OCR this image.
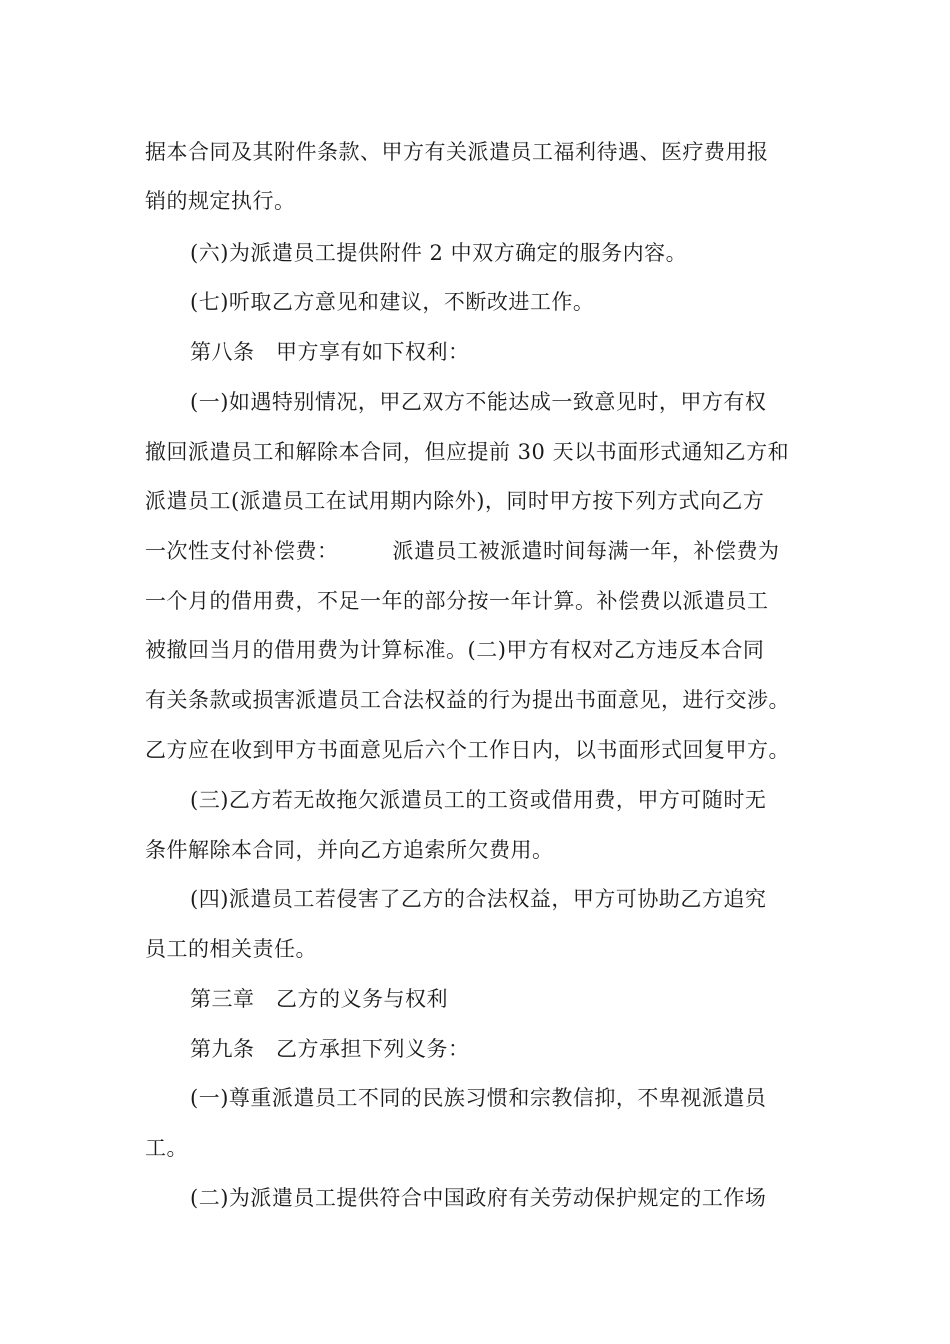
据本合同及其附件条款、甲方有关派遣员工福利待遇、医疗费用报
销的规定执行。
(六)为派遣员工提供附件 2 中双方确定的服务内容。
(七)听取乙方意见和建议，不断改进工作。
第八条　甲方享有如下权利：
(一)如遇特别情况，甲乙双方不能达成一致意见时，甲方有权
撤回派遣员工和解除本合同，但应提前 30 天以书面形式通知乙方和
派遣员工(派遣员工在试用期内除外)，同时甲方按下列方式向乙方
一次性支付补偿费：　　　派遣员工被派遣时间每满一年，补偿费为
一个月的借用费，不足一年的部分按一年计算。补偿费以派遣员工
被撤回当月的借用费为计算标准。(二)甲方有权对乙方违反本合同
有关条款或损害派遣员工合法权益的行为提出书面意见，进行交涉。
乙方应在收到甲方书面意见后六个工作日内，以书面形式回复甲方。
(三)乙方若无故拖欠派遣员工的工资或借用费，甲方可随时无
条件解除本合同，并向乙方追索所欠费用。
(四)派遣员工若侵害了乙方的合法权益，甲方可协助乙方追究
员工的相关责任。
第三章　乙方的义务与权利
第九条　乙方承担下列义务：
(一)尊重派遣员工不同的民族习惯和宗教信抑，不卑视派遣员
工。
(二)为派遣员工提供符合中国政府有关劳动保护规定的工作场
